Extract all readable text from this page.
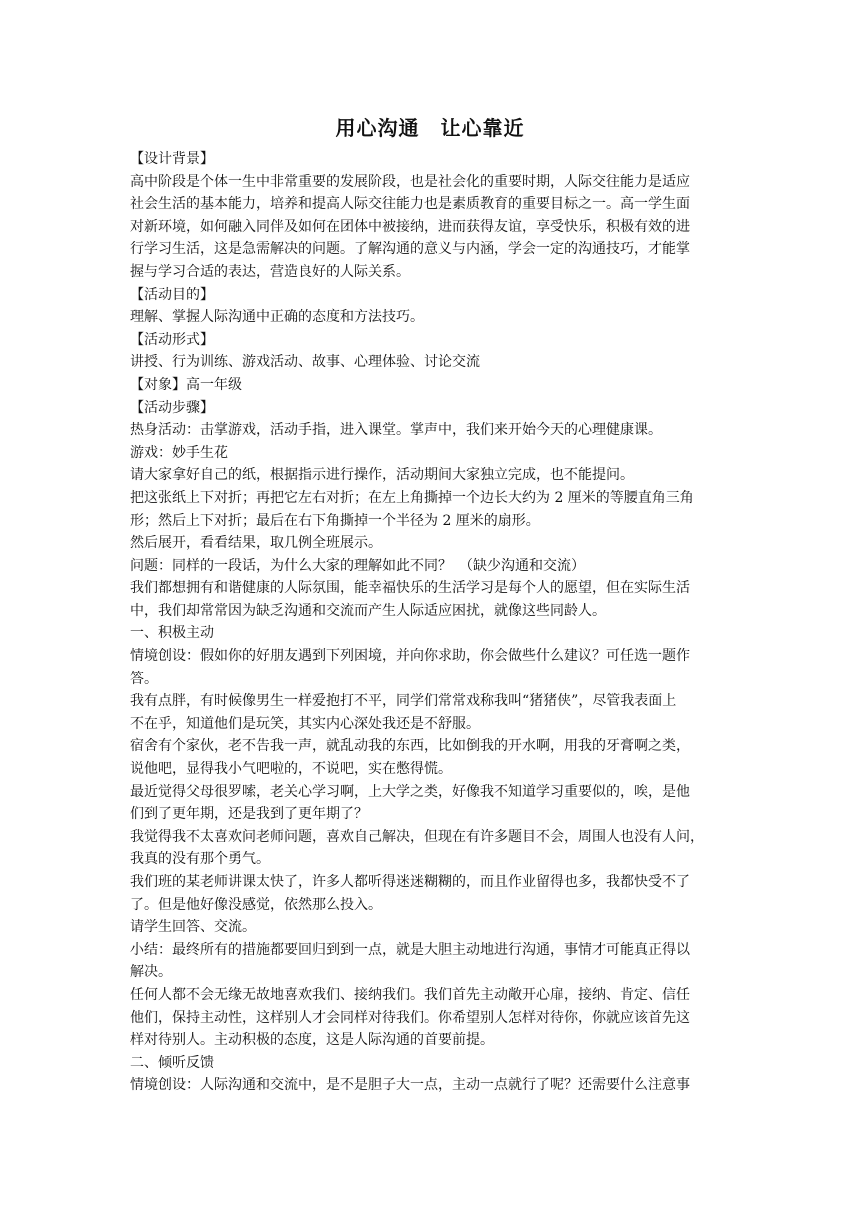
用心沟通　让心靠近

【设计背景】

高中阶段是个体一生中非常重要的发展阶段，也是社会化的重要时期，人际交往能力是适应

社会生活的基本能力，培养和提高人际交往能力也是素质教育的重要目标之一。高一学生面

对新环境，如何融入同伴及如何在团体中被接纳，进而获得友谊，享受快乐，积极有效的进

行学习生活，这是急需解决的问题。了解沟通的意义与内涵，学会一定的沟通技巧，才能掌

握与学习合适的表达，营造良好的人际关系。

【活动目的】

理解、掌握人际沟通中正确的态度和方法技巧。

【活动形式】

讲授、行为训练、游戏活动、故事、心理体验、讨论交流

【对象】高一年级

【活动步骤】

热身活动：击掌游戏，活动手指，进入课堂。掌声中，我们来开始今天的心理健康课。

游戏：妙手生花

请大家拿好自己的纸，根据指示进行操作，活动期间大家独立完成，也不能提问。

把这张纸上下对折；再把它左右对折；在左上角撕掉一个边长大约为 2 厘米的等腰直角三角

形；然后上下对折；最后在右下角撕掉一个半径为 2 厘米的扇形。

然后展开，看看结果，取几例全班展示。

问题：同样的一段话，为什么大家的理解如此不同？　（缺少沟通和交流）

我们都想拥有和谐健康的人际氛围，能幸福快乐的生活学习是每个人的愿望，但在实际生活

中，我们却常常因为缺乏沟通和交流而产生人际适应困扰，就像这些同龄人。

一、积极主动

情境创设：假如你的好朋友遇到下列困境，并向你求助，你会做些什么建议？可任选一题作

答。

我有点胖，有时候像男生一样爱抱打不平，同学们常常戏称我叫“猪猪侠”，尽管我表面上

不在乎，知道他们是玩笑，其实内心深处我还是不舒服。

宿舍有个家伙，老不告我一声，就乱动我的东西，比如倒我的开水啊，用我的牙膏啊之类，

说他吧，显得我小气吧啦的，不说吧，实在憋得慌。

最近觉得父母很罗嗦，老关心学习啊，上大学之类，好像我不知道学习重要似的，唉，是他

们到了更年期，还是我到了更年期了？

我觉得我不太喜欢问老师问题，喜欢自己解决，但现在有许多题目不会，周围人也没有人问，

我真的没有那个勇气。

我们班的某老师讲课太快了，许多人都听得迷迷糊糊的，而且作业留得也多，我都快受不了

了。但是他好像没感觉，依然那么投入。

请学生回答、交流。

小结：最终所有的措施都要回归到到一点，就是大胆主动地进行沟通，事情才可能真正得以

解决。

任何人都不会无缘无故地喜欢我们、接纳我们。我们首先主动敞开心扉，接纳、肯定、信任

他们，保持主动性，这样别人才会同样对待我们。你希望别人怎样对待你，你就应该首先这

样对待别人。主动积极的态度，这是人际沟通的首要前提。

二、倾听反馈

情境创设：人际沟通和交流中，是不是胆子大一点，主动一点就行了呢？还需要什么注意事
